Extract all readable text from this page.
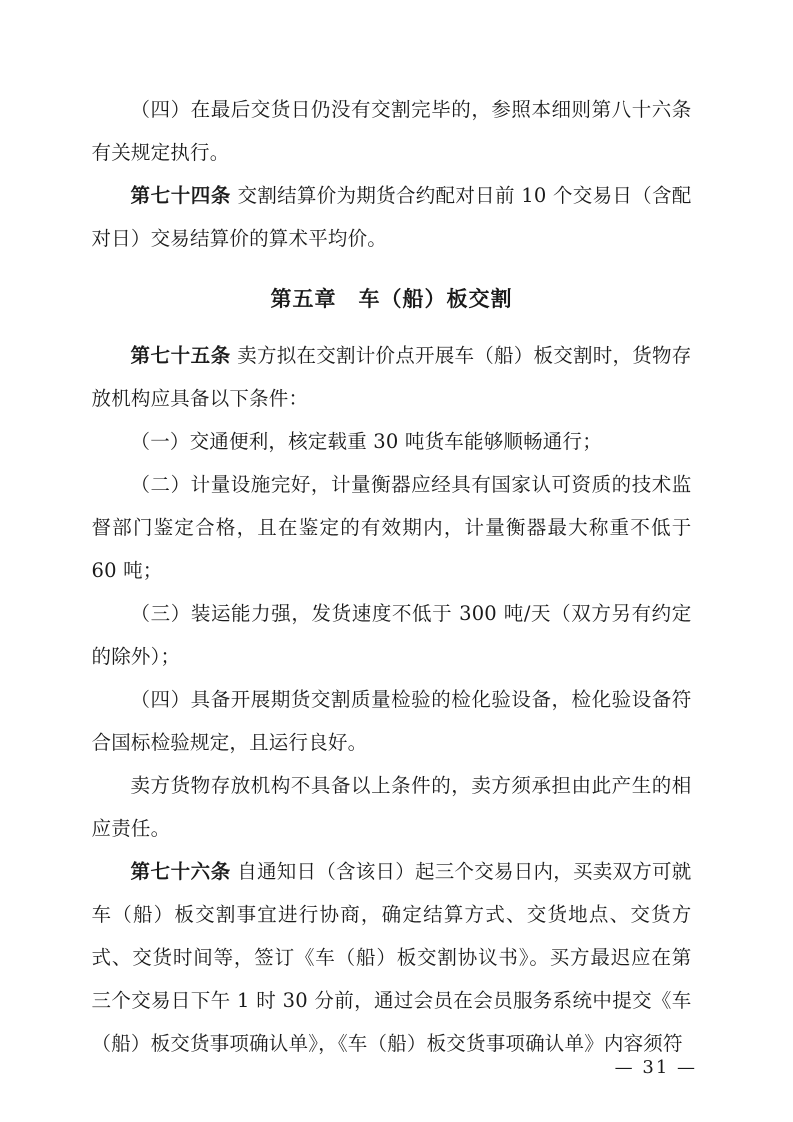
（四）在最后交货日仍没有交割完毕的，参照本细则第八十六条有关规定执行。

第七十四条 交割结算价为期货合约配对日前 10 个交易日（含配对日）交易结算价的算术平均价。

第五章　车（船）板交割

第七十五条 卖方拟在交割计价点开展车（船）板交割时，货物存放机构应具备以下条件：

（一）交通便利，核定载重 30 吨货车能够顺畅通行；

（二）计量设施完好，计量衡器应经具有国家认可资质的技术监督部门鉴定合格，且在鉴定的有效期内，计量衡器最大称重不低于 60 吨；

（三）装运能力强，发货速度不低于 300 吨/天（双方另有约定的除外）；

（四）具备开展期货交割质量检验的检化验设备，检化验设备符合国标检验规定，且运行良好。

卖方货物存放机构不具备以上条件的，卖方须承担由此产生的相应责任。

第七十六条 自通知日（含该日）起三个交易日内，买卖双方可就车（船）板交割事宜进行协商，确定结算方式、交货地点、交货方式、交货时间等，签订《车（船）板交割协议书》。买方最迟应在第三个交易日下午 1 时 30 分前，通过会员在会员服务系统中提交《车（船）板交货事项确认单》，《车（船）板交货事项确认单》内容须符

— 31 —
